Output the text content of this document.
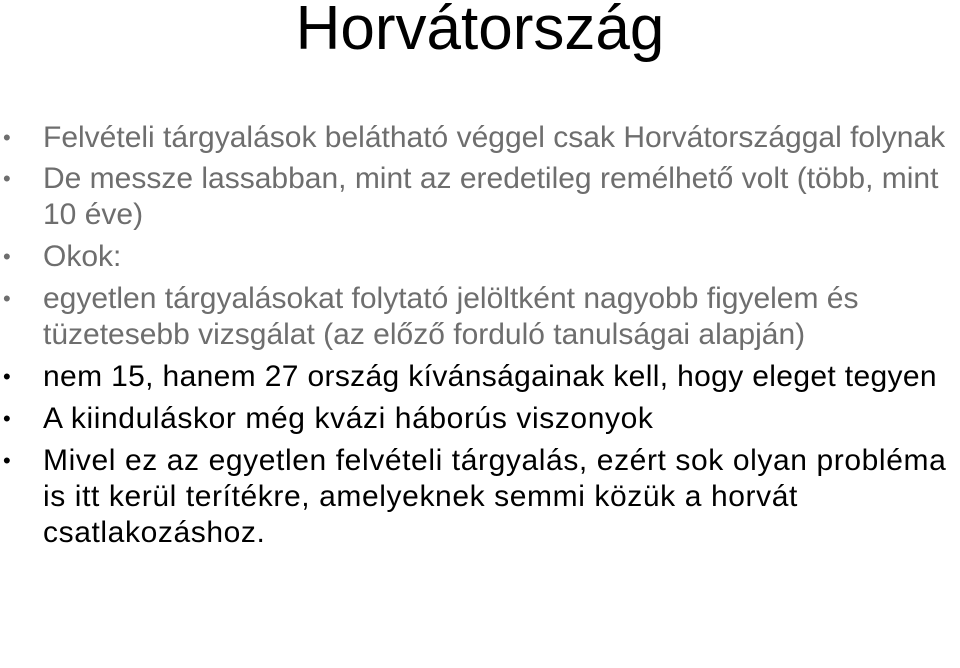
Horvátország
• Felvételi tárgyalások belátható véggel csak Horvátországgal folynak
• De messze lassabban, mint az eredetileg remélhető volt (több, mint 10 éve)
• Okok:
• egyetlen tárgyalásokat folytató jelöltként nagyobb figyelem és tüzetesebb vizsgálat (az előző forduló tanulságai alapján)
• nem 15, hanem 27 ország kívánságainak kell, hogy eleget tegyen
• A kiinduláskor még kvázi háborús viszonyok
• Mivel ez az egyetlen felvételi tárgyalás, ezért sok olyan probléma is itt kerül terítékre, amelyeknek semmi közük a horvát csatlakozáshoz.
